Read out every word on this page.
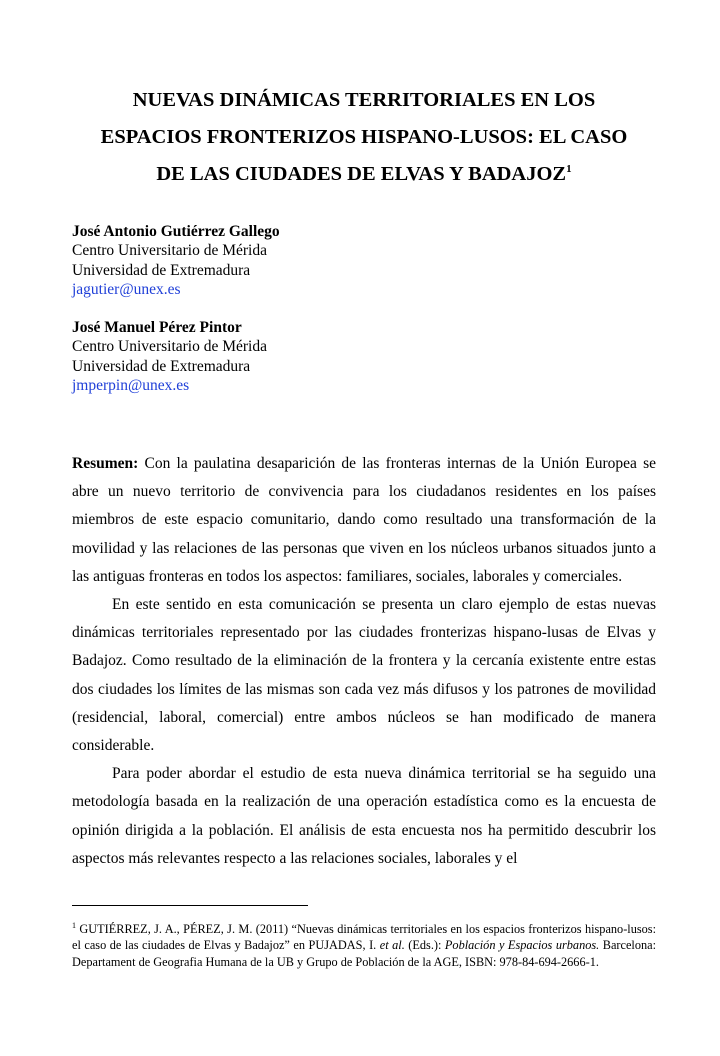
NUEVAS DINÁMICAS TERRITORIALES EN LOS
ESPACIOS FRONTERIZOS HISPANO-LUSOS: EL CASO
DE LAS CIUDADES DE ELVAS Y BADAJOZ$^1$
José Antonio Gutiérrez Gallego
Centro Universitario de Mérida
Universidad de Extremadura
jagutier@unex.es
José Manuel Pérez Pintor
Centro Universitario de Mérida
Universidad de Extremadura
jmperpin@unex.es

Resumen: Con la paulatina desaparición de las fronteras internas de la Unión Europea se abre un nuevo territorio de convivencia para los ciudadanos residentes en los países miembros de este espacio comunitario, dando como resultado una transformación de la movilidad y las relaciones de las personas que viven en los núcleos urbanos situados junto a las antiguas fronteras en todos los aspectos: familiares, sociales, laborales y comerciales.

En este sentido en esta comunicación se presenta un claro ejemplo de estas nuevas dinámicas territoriales representado por las ciudades fronterizas hispano-lusas de Elvas y Badajoz. Como resultado de la eliminación de la frontera y la cercanía existente entre estas dos ciudades los límites de las mismas son cada vez más difusos y los patrones de movilidad (residencial, laboral, comercial) entre ambos núcleos se han modificado de manera considerable.

Para poder abordar el estudio de esta nueva dinámica territorial se ha seguido una metodología basada en la realización de una operación estadística como es la encuesta de opinión dirigida a la población. El análisis de esta encuesta nos ha permitido descubrir los aspectos más relevantes respecto a las relaciones sociales, laborales y el

$^1$ GUTIÉRREZ, J. A., PÉREZ, J. M. (2011) “Nuevas dinámicas territoriales en los espacios fronterizos hispano-lusos: el caso de las ciudades de Elvas y Badajoz” en PUJADAS, I. et al. (Eds.): Población y Espacios urbanos. Barcelona: Departament de Geografia Humana de la UB y Grupo de Población de la AGE, ISBN: 978-84-694-2666-1.
